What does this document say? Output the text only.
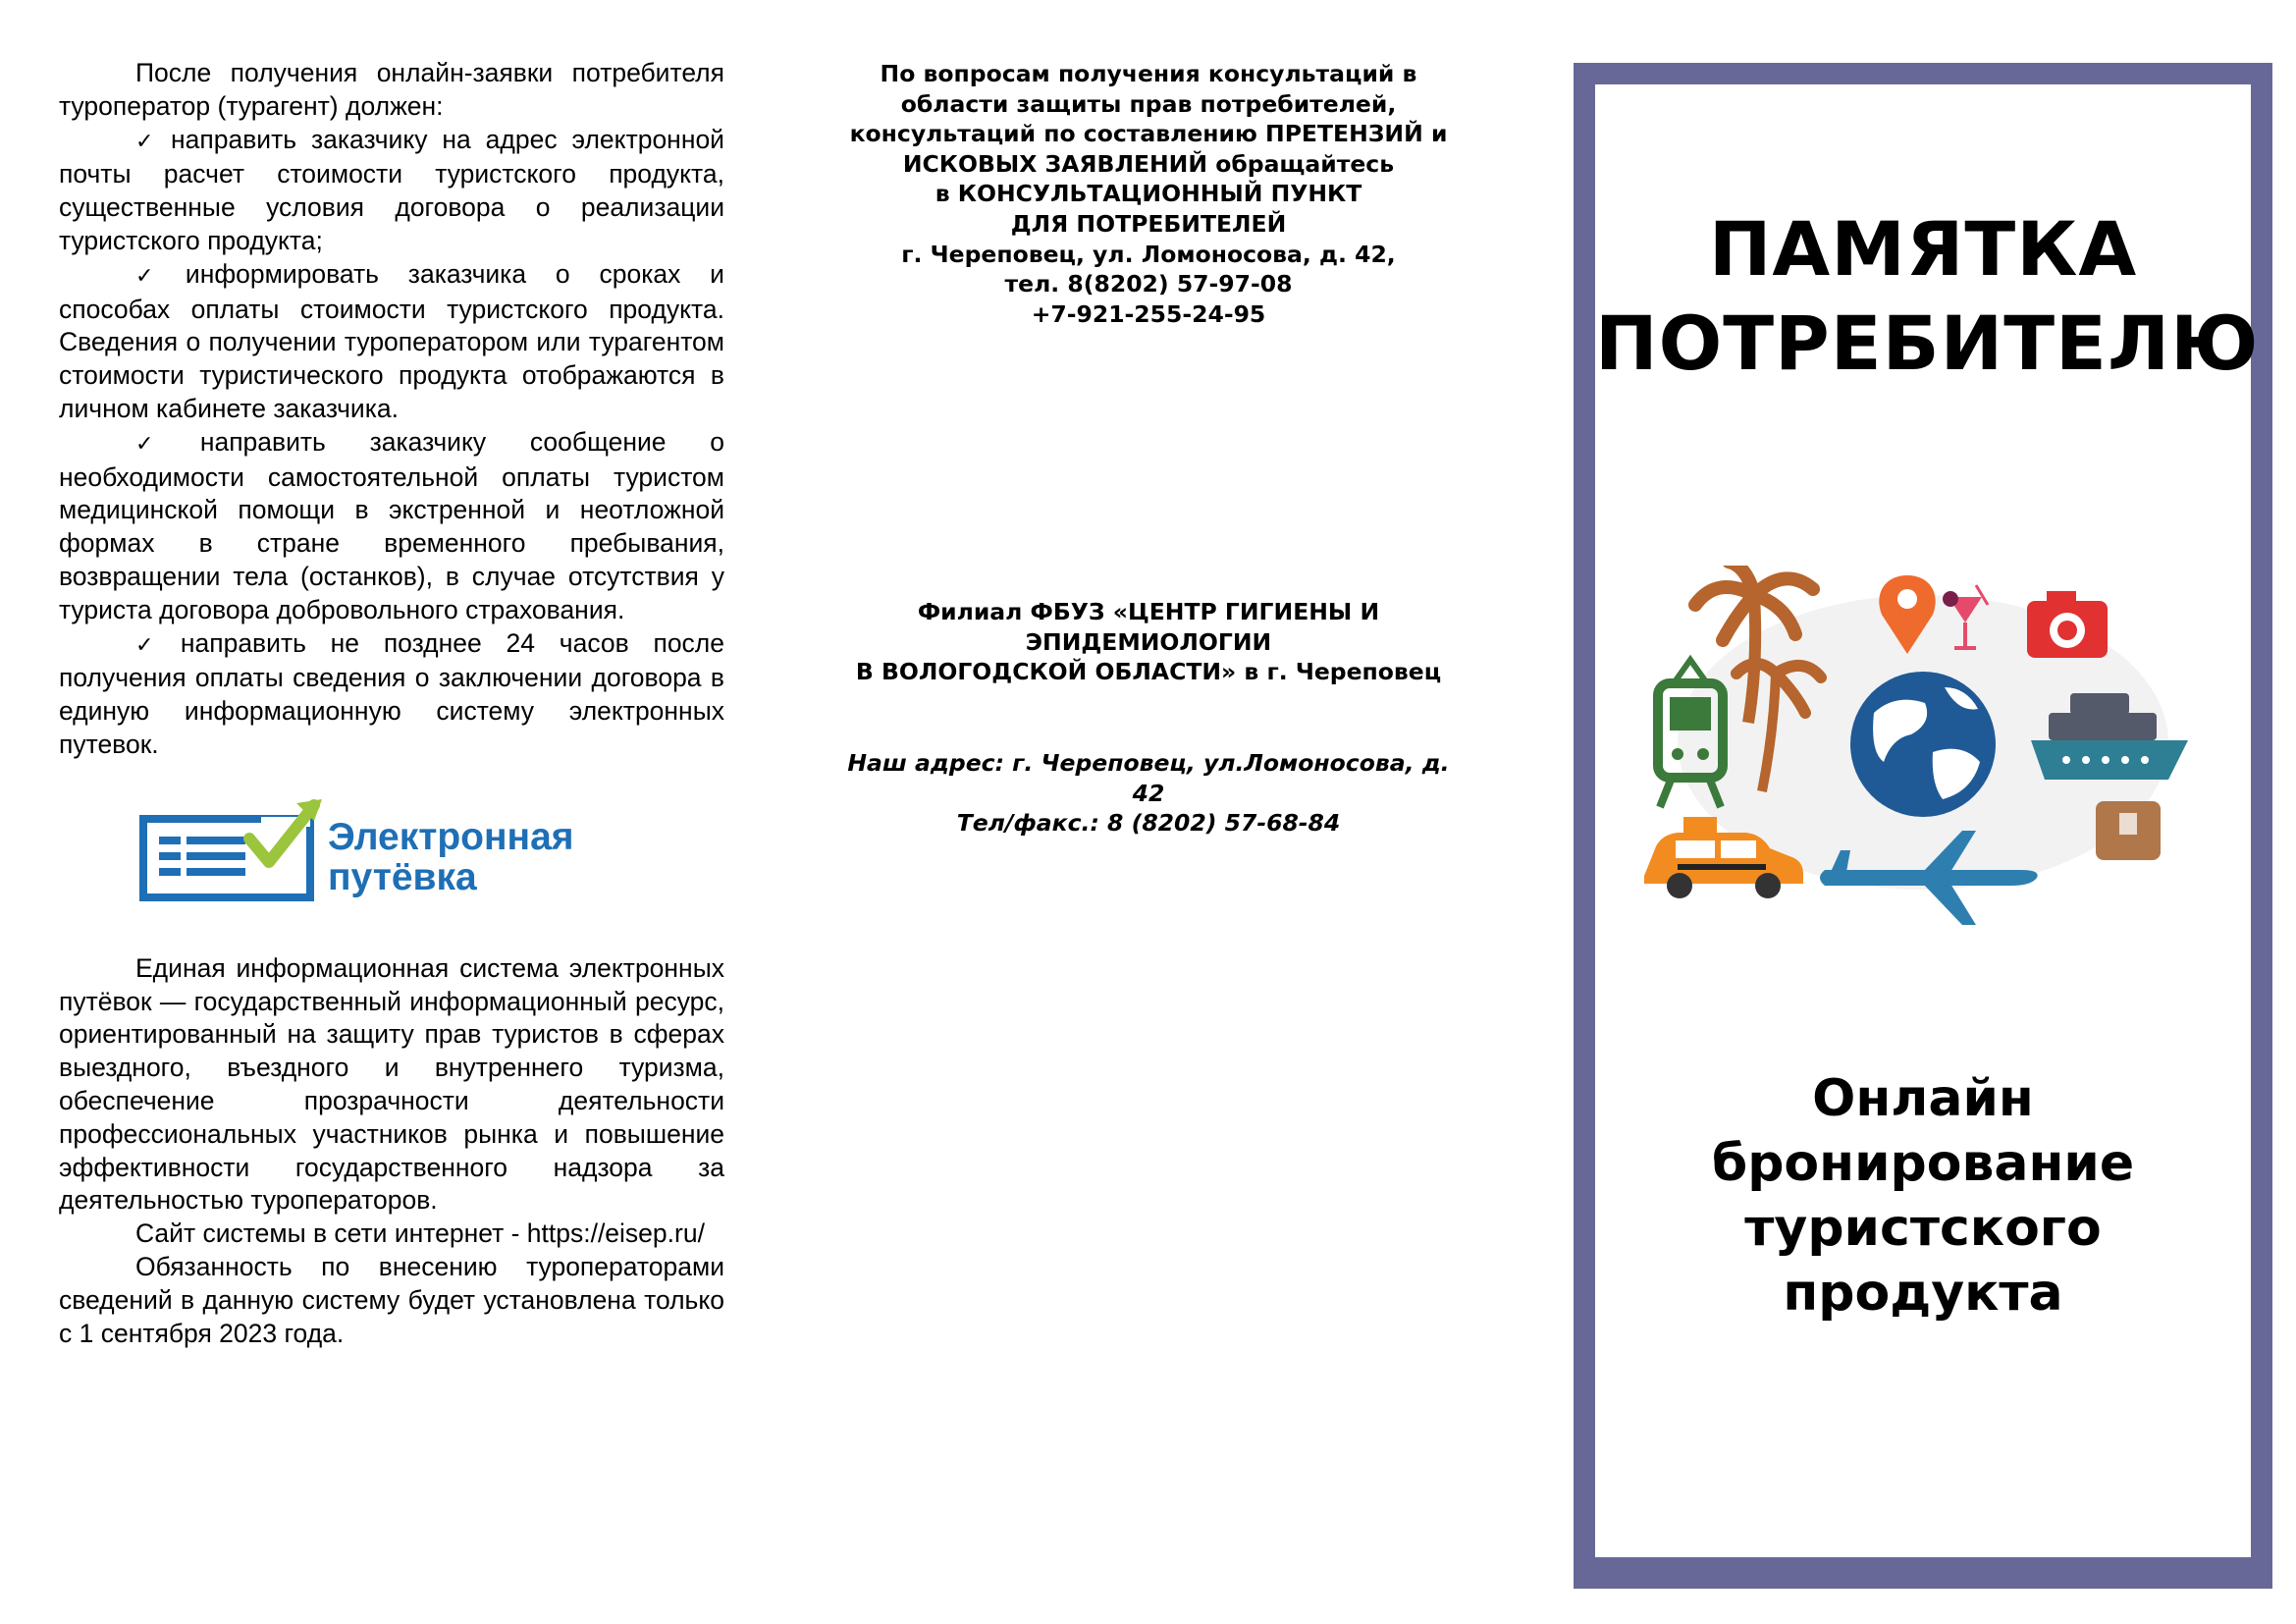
После получения онлайн-заявки потребителя туроператор (турагент) должен:

✓ направить заказчику на адрес электронной почты расчет стоимости туристского продукта, существенные условия договора о реализации туристского продукта;

✓ информировать заказчика о сроках и способах оплаты стоимости туристского продукта. Сведения о получении туроператором или турагентом стоимости туристического продукта отображаются в личном кабинете заказчика.

✓ направить заказчику сообщение о необходимости самостоятельной оплаты туристом медицинской помощи в экстренной и неотложной формах в стране временного пребывания, возвращении тела (останков), в случае отсутствия у туриста договора добровольного страхования.

✓ направить не позднее 24 часов после получения оплаты сведения о заключении договора в единую информационную систему электронных путевок.

Электронная
путёвка

Единая информационная система электронных путёвок — государственный информационный ресурс, ориентированный на защиту прав туристов в сферах выездного, въездного и внутреннего туризма, обеспечение прозрачности деятельности профессиональных участников рынка и повышение эффективности государственного надзора за деятельностью туроператоров.

Сайт системы в сети интернет - https://eisep.ru/

Обязанность по внесению туроператорами сведений в данную систему будет установлена только с 1 сентября 2023 года.

По вопросам получения консультаций в
области защиты прав потребителей,
консультаций по составлению ПРЕТЕНЗИЙ и
ИСКОВЫХ ЗАЯВЛЕНИЙ обращайтесь
в КОНСУЛЬТАЦИОННЫЙ ПУНКТ
ДЛЯ ПОТРЕБИТЕЛЕЙ
г. Череповец, ул. Ломоносова, д. 42,
тел. 8(8202) 57-97-08
+7-921-255-24-95
Филиал ФБУЗ «ЦЕНТР ГИГИЕНЫ И
ЭПИДЕМИОЛОГИИ
В ВОЛОГОДСКОЙ ОБЛАСТИ» в г. Череповец
Наш адрес: г. Череповец, ул.Ломоносова, д.
42
Тел/факс.: 8 (8202) 57-68-84
ПАМЯТКА
ПОТРЕБИТЕЛЮ
Онлайн
бронирование
туристского
продукта
